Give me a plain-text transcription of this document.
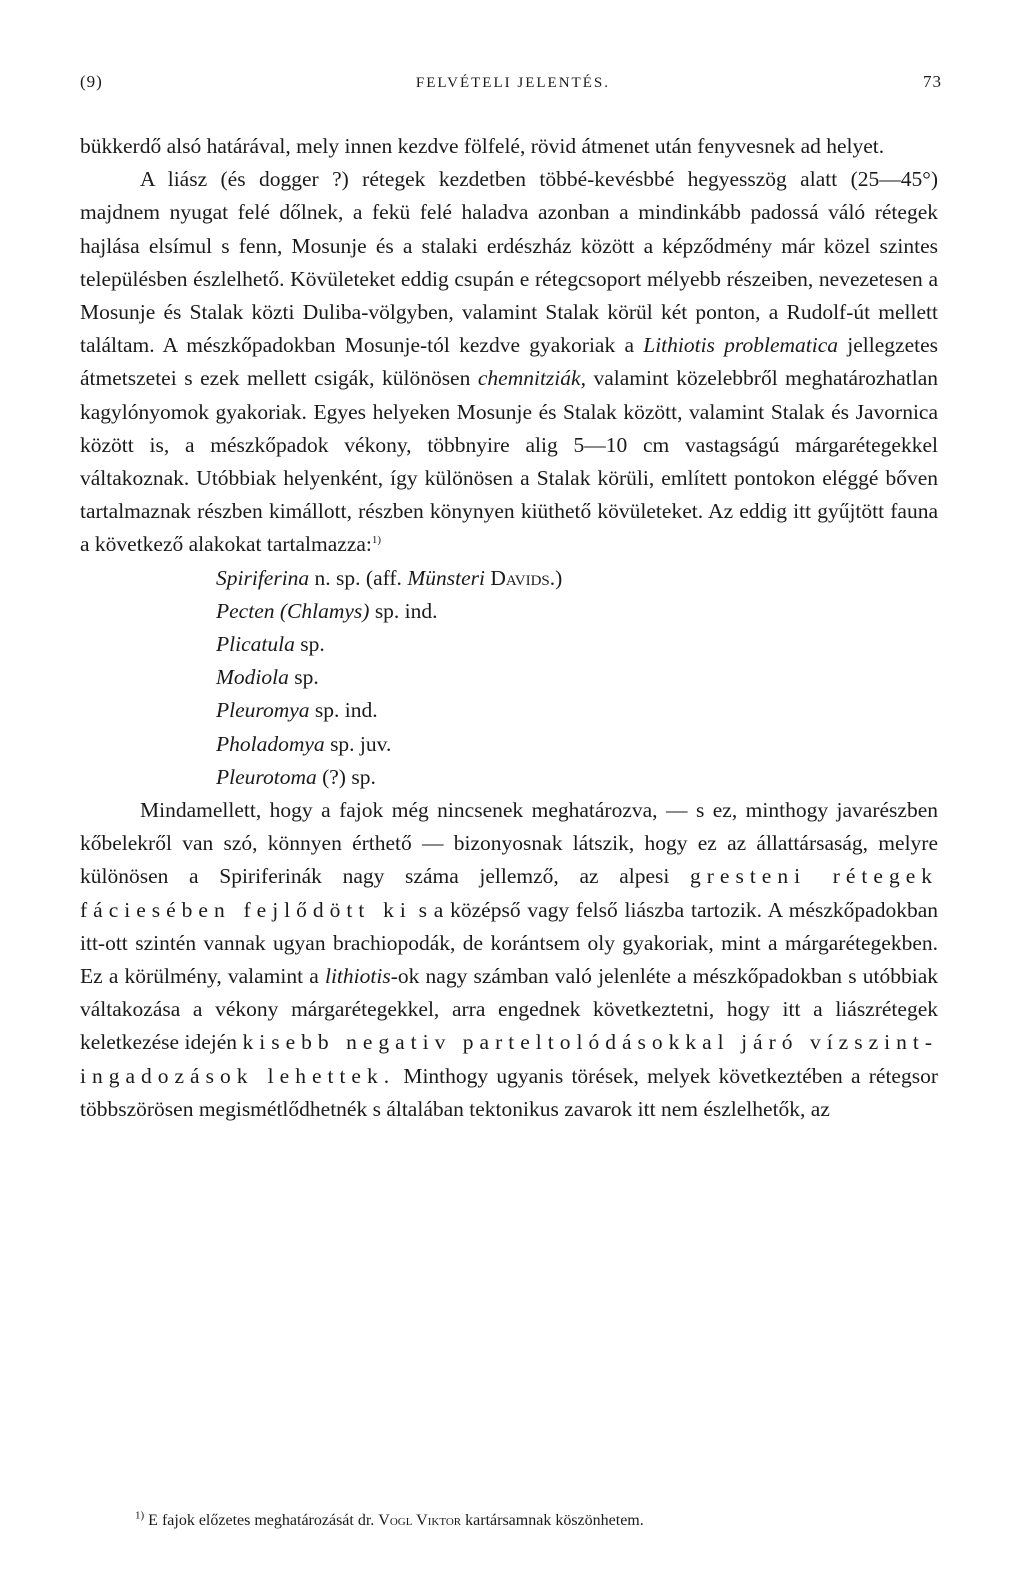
(9)	FELVÉTELI JELENTÉS.	73

bükkerdő alsó határával, mely innen kezdve fölfelé, rövid átmenet után fenyvesnek ad helyet.

A liász (és dogger ?) rétegek kezdetben többé-kevésbbé hegyesszög alatt (25—45°) majdnem nyugat felé dőlnek, a fekü felé haladva azonban a mindinkább padossá váló rétegek hajlása elsímul s fenn, Mosunje és a stalaki erdészház között a képződmény már közel szintes településben észlelhető. Kövületeket eddig csupán e rétegcsoport mélyebb részeiben, nevezetesen a Mosunje és Stalak közti Duliba-völgyben, valamint Stalak körül két ponton, a Rudolf-út mellett találtam. A mészkőpadokban Mosunje-tól kezdve gyakoriak a Lithiotis problematica jellegzetes átmetszetei s ezek mellett csigák, különösen chemnitziák, valamint közelebbről meghatározhatlan kagylónyomok gyakoriak. Egyes helyeken Mosunje és Stalak között, valamint Stalak és Javornica között is, a mészkőpadok vékony, többnyire alig 5—10 cm vastagságú márgarétegekkel váltakoznak. Utóbbiak helyenként, így különösen a Stalak körüli, említett pontokon eléggé bőven tartalmaznak részben kimállott, részben könynyen kiüthető kövületeket. Az eddig itt gyűjtött fauna a következő alakokat tartalmazza:$^{1)}$

Spiriferina n. sp. (aff. Münsteri Davids.)
Pecten (Chlamys) sp. ind.
Plicatula sp.
Modiola sp.
Pleuromya sp. ind.
Pholadomya sp. juv.
Pleurotoma (?) sp.

Mindamellett, hogy a fajok még nincsenek meghatározva, — s ez, minthogy javarészben kőbelekről van szó, könnyen érthető — bizonyosnak látszik, hogy ez az állattársaság, melyre különösen a Spiriferinák nagy száma jellemző, az alpesi gresteni rétegek fáciesében fejlődött ki s a középső vagy felső liászba tartozik. A mészkőpadokban itt-ott szintén vannak ugyan brachiopodák, de korántsem oly gyakoriak, mint a márgarétegekben. Ez a körülmény, valamint a lithiotis-ok nagy számban való jelenléte a mészkőpadokban s utóbbiak váltakozása a vékony márgarétegekkel, arra engednek következtetni, hogy itt a liászrétegek keletkezése idején kisebb negativ parteltolódásokkal járó vízszint-ingadozások lehettek. Minthogy ugyanis törések, melyek következtében a rétegsor többszörösen megismétlődhetnék s általában tektonikus zavarok itt nem észlelhetők, az

$^{1)}$ E fajok előzetes meghatározását dr. Vogl Viktor kartársamnak köszönhetem.
